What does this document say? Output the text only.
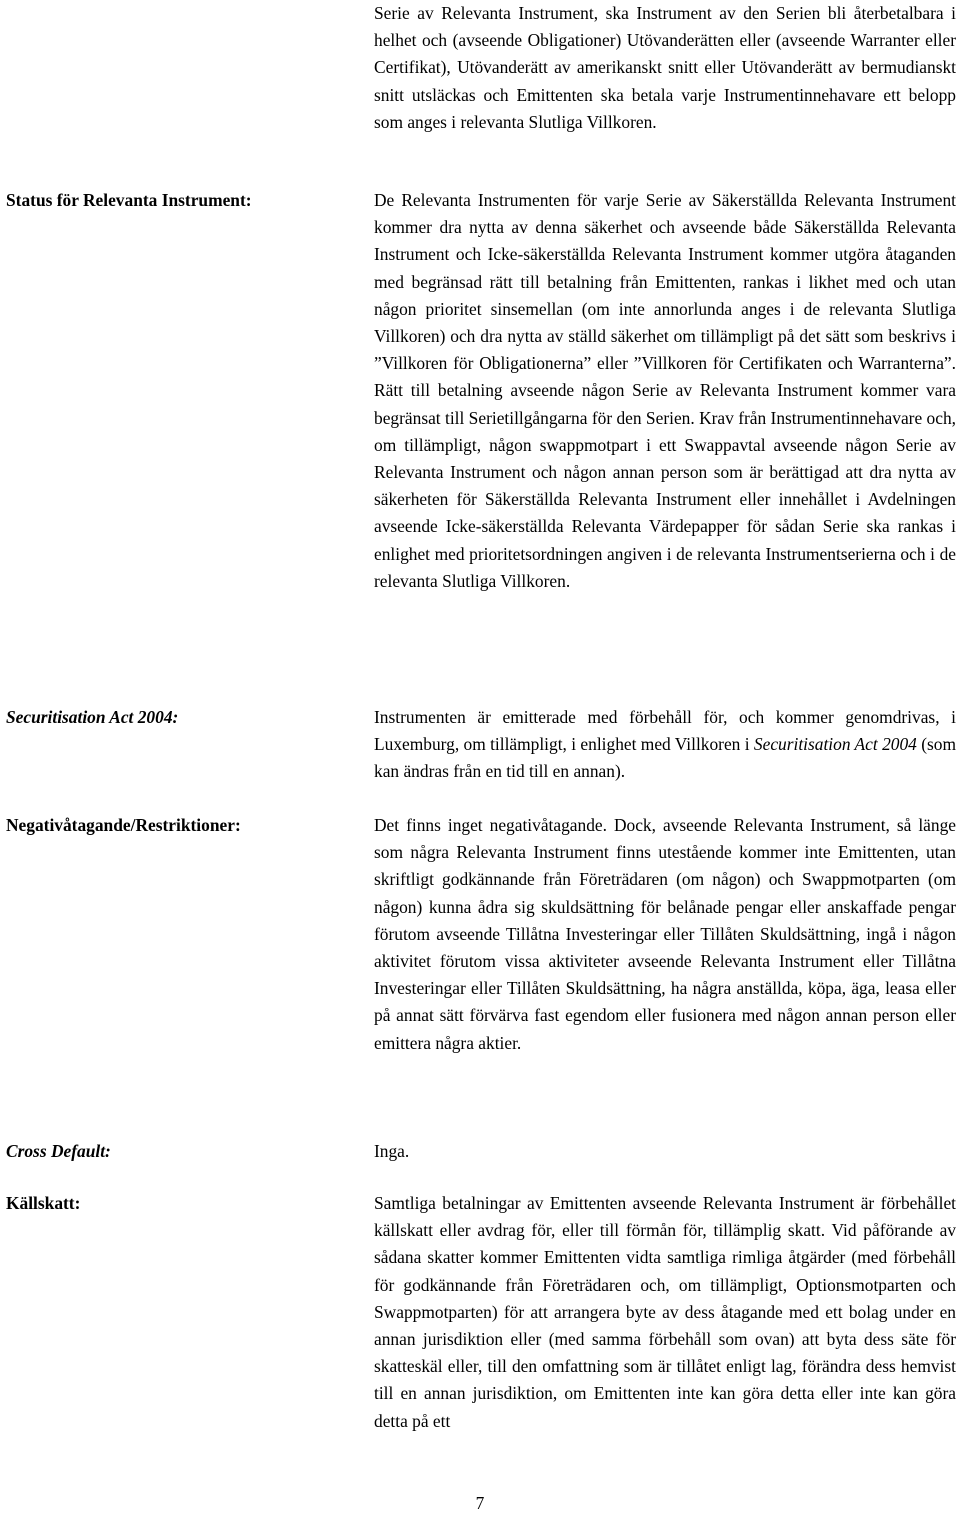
Serie av Relevanta Instrument, ska Instrument av den Serien bli återbetalbara i helhet och (avseende Obligationer) Utövanderätten eller (avseende Warranter eller Certifikat), Utövanderätt av amerikanskt snitt eller Utövanderätt av bermudianskt snitt utsläckas och Emittenten ska betala varje Instrumentinnehavare ett belopp som anges i relevanta Slutliga Villkoren.
Status för Relevanta Instrument:	De Relevanta Instrumenten för varje Serie av Säkerställda Relevanta Instrument kommer dra nytta av denna säkerhet och avseende både Säkerställda Relevanta Instrument och Icke-säkerställda Relevanta Instrument kommer utgöra åtaganden med begränsad rätt till betalning från Emittenten, rankas i likhet med och utan någon prioritet sinsemellan (om inte annorlunda anges i de relevanta Slutliga Villkoren) och dra nytta av ställd säkerhet om tillämpligt på det sätt som beskrivs i ”Villkoren för Obligationerna” eller ”Villkoren för Certifikaten och Warranterna”. Rätt till betalning avseende någon Serie av Relevanta Instrument kommer vara begränsat till Serietillgångarna för den Serien. Krav från Instrumentinnehavare och, om tillämpligt, någon swappmotpart i ett Swappavtal avseende någon Serie av Relevanta Instrument och någon annan person som är berättigad att dra nytta av säkerheten för Säkerställda Relevanta Instrument eller innehållet i Avdelningen avseende Icke-säkerställda Relevanta Värdepapper för sådan Serie ska rankas i enlighet med prioritetsordningen angiven i de relevanta Instrumentserierna och i de relevanta Slutliga Villkoren.
Securitisation Act 2004:	Instrumenten är emitterade med förbehåll för, och kommer genomdrivas, i Luxemburg, om tillämpligt, i enlighet med Villkoren i Securitisation Act 2004 (som kan ändras från en tid till en annan).
Negativåtagande/Restriktioner:	Det finns inget negativåtagande. Dock, avseende Relevanta Instrument, så länge som några Relevanta Instrument finns utestående kommer inte Emittenten, utan skriftligt godkännande från Företrädaren (om någon) och Swappmotparten (om någon) kunna ådra sig skuldsättning för belånade pengar eller anskaffade pengar förutom avseende Tillåtna Investeringar eller Tillåten Skuldsättning, ingå i någon aktivitet förutom vissa aktiviteter avseende Relevanta Instrument eller Tillåtna Investeringar eller Tillåten Skuldsättning, ha några anställda, köpa, äga, leasa eller på annat sätt förvärva fast egendom eller fusionera med någon annan person eller emittera några aktier.
Cross Default:	Inga.
Källskatt:	Samtliga betalningar av Emittenten avseende Relevanta Instrument är förbehållet källskatt eller avdrag för, eller till förmån för, tillämplig skatt. Vid påförande av sådana skatter kommer Emittenten vidta samtliga rimliga åtgärder (med förbehåll för godkännande från Företrädaren och, om tillämpligt, Optionsmotparten och Swappmotparten) för att arrangera byte av dess åtagande med ett bolag under en annan jurisdiktion eller (med samma förbehåll som ovan) att byta dess säte för skatteskäl eller, till den omfattning som är tillåtet enligt lag, förändra dess hemvist till en annan jurisdiktion, om Emittenten inte kan göra detta eller inte kan göra detta på ett
7
